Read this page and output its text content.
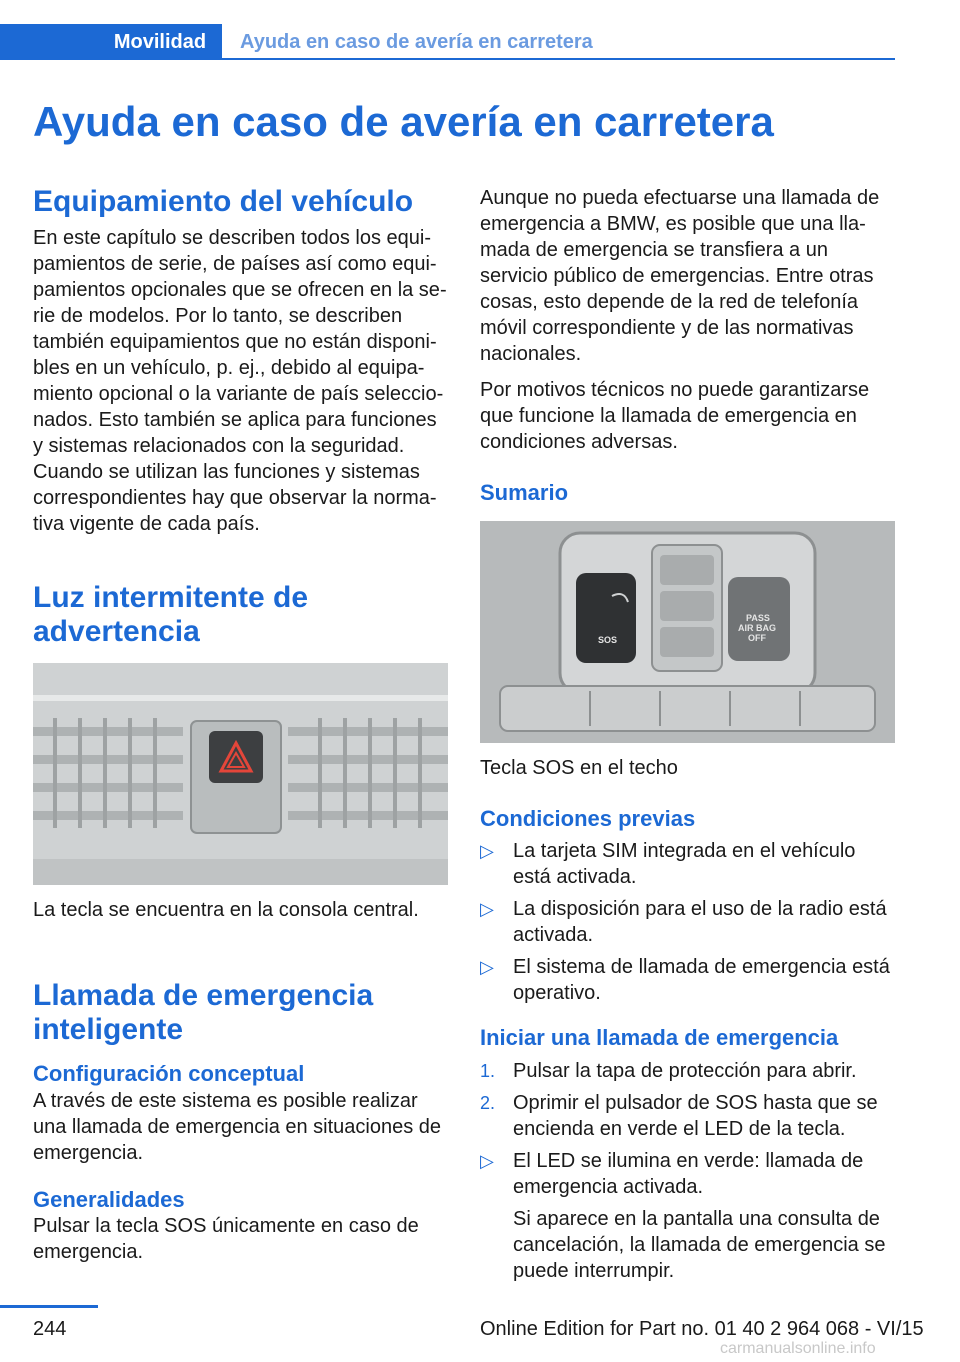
Movilidad	Ayuda en caso de avería en carretera
Ayuda en caso de avería en carretera
Equipamiento del vehículo

En este capítulo se describen todos los equipamientos de serie, de países así como equipamientos opcionales que se ofrecen en la serie de modelos. Por lo tanto, se describen también equipamientos que no están disponibles en un vehículo, p. ej., debido al equipamiento opcional o la variante de país seleccionados. Esto también se aplica para funciones y sistemas relacionados con la seguridad. Cuando se utilizan las funciones y sistemas correspondientes hay que observar la normativa vigente de cada país.

Luz intermitente de advertencia

La tecla se encuentra en la consola central.

Llamada de emergencia inteligente
Configuración conceptual

A través de este sistema es posible realizar una llamada de emergencia en situaciones de emergencia.

Generalidades

Pulsar la tecla SOS únicamente en caso de emergencia.

Aunque no pueda efectuarse una llamada de emergencia a BMW, es posible que una llamada de emergencia se transfiera a un servicio público de emergencias. Entre otras cosas, esto depende de la red de telefonía móvil correspondiente y de las normativas nacionales.

Por motivos técnicos no puede garantizarse que funcione la llamada de emergencia en condiciones adversas.

Sumario
SOS
PASS
AIR BAG
OFF

Tecla SOS en el techo

Condiciones previas
▷ La tarjeta SIM integrada en el vehículo está activada.
▷ La disposición para el uso de la radio está activada.
▷ El sistema de llamada de emergencia está operativo.
Iniciar una llamada de emergencia
1. Pulsar la tapa de protección para abrir.
2. Oprimir el pulsador de SOS hasta que se encienda en verde el LED de la tecla.
▷ El LED se ilumina en verde: llamada de emergencia activada.

Si aparece en la pantalla una consulta de cancelación, la llamada de emergencia se puede interrumpir.

244	Online Edition for Part no. 01 40 2 964 068 - VI/15
carmanualsonline.info
